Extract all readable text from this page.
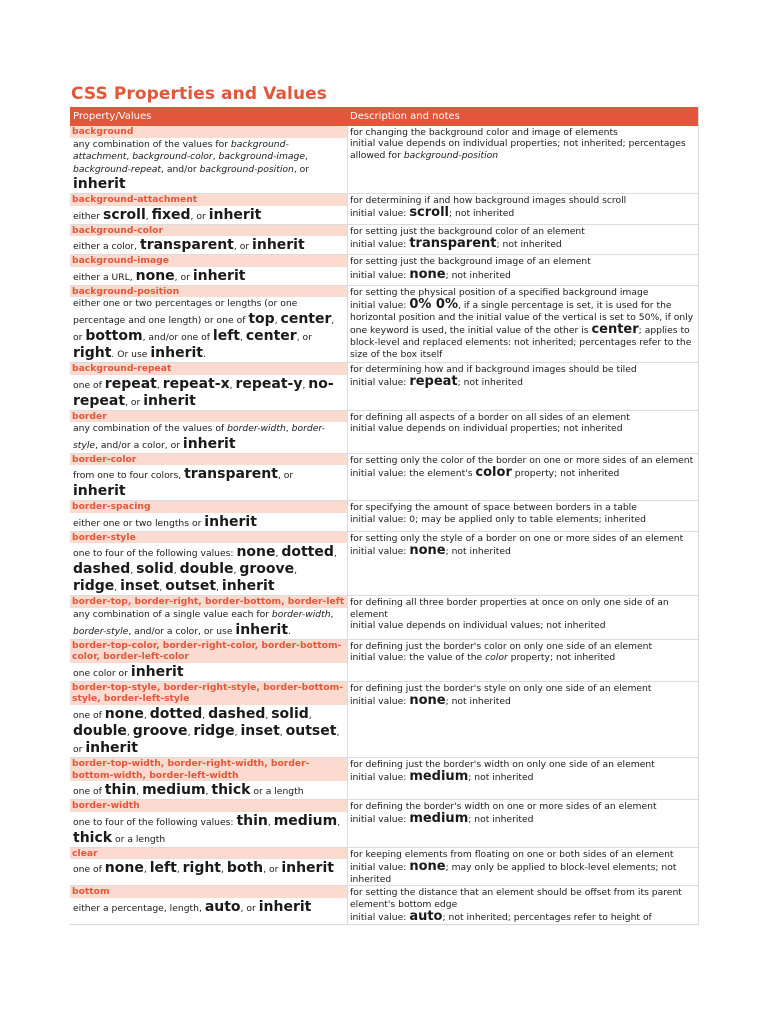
CSS Properties and Values
Property/Values	Description and notes
background
any combination of the values for background-attachment, background-color, background-image, background-repeat, and/or background-position, or inherit
for changing the background color and image of elements
initial value depends on individual properties; not inherited; percentages allowed for background-position
background-attachment
either scroll, fixed, or inherit
for determining if and how background images should scroll
initial value: scroll; not inherited
background-color
either a color, transparent, or inherit
for setting just the background color of an element
initial value: transparent; not inherited
background-image
either a URL, none, or inherit
for setting just the background image of an element
initial value: none; not inherited
background-position
either one or two percentages or lengths (or one percentage and one length) or one of top, center, or bottom, and/or one of left, center, or right. Or use inherit.
for setting the physical position of a specified background image
initial value: 0% 0%, if a single percentage is set, it is used for the horizontal position and the initial value of the vertical is set to 50%, if only one keyword is used, the initial value of the other is center; applies to block-level and replaced elements: not inherited; percentages refer to the size of the box itself
background-repeat
one of repeat, repeat-x, repeat-y, no-repeat, or inherit
for determining how and if background images should be tiled
initial value: repeat; not inherited
border
any combination of the values of border-width, border-style, and/or a color, or inherit
for defining all aspects of a border on all sides of an element
initial value depends on individual properties; not inherited
border-color
from one to four colors, transparent, or inherit
for setting only the color of the border on one or more sides of an element
initial value: the element's color property; not inherited
border-spacing
either one or two lengths or inherit
for specifying the amount of space between borders in a table
initial value: 0; may be applied only to table elements; inherited
border-style
one to four of the following values: none, dotted, dashed, solid, double, groove, ridge, inset, outset, inherit
for setting only the style of a border on one or more sides of an element
initial value: none; not inherited
border-top, border-right, border-bottom, border-left
any combination of a single value each for border-width, border-style, and/or a color, or use inherit.
for defining all three border properties at once on only one side of an element
initial value depends on individual values; not inherited
border-top-color, border-right-color, border-bottom-color, border-left-color
one color or inherit
for defining just the border's color on only one side of an element
initial value: the value of the color property; not inherited
border-top-style, border-right-style, border-bottom-style, border-left-style
one of none, dotted, dashed, solid, double, groove, ridge, inset, outset, or inherit
for defining just the border's style on only one side of an element
initial value: none; not inherited
border-top-width, border-right-width, border-bottom-width, border-left-width
one of thin, medium, thick or a length
for defining just the border's width on only one side of an element
initial value: medium; not inherited
border-width
one to four of the following values: thin, medium, thick or a length
for defining the border's width on one or more sides of an element
initial value: medium; not inherited
clear
one of none, left, right, both, or inherit
for keeping elements from floating on one or both sides of an element
initial value: none; may only be applied to block-level elements; not inherited
bottom
either a percentage, length, auto, or inherit
for setting the distance that an element should be offset from its parent element's bottom edge
initial value: auto; not inherited; percentages refer to height of
